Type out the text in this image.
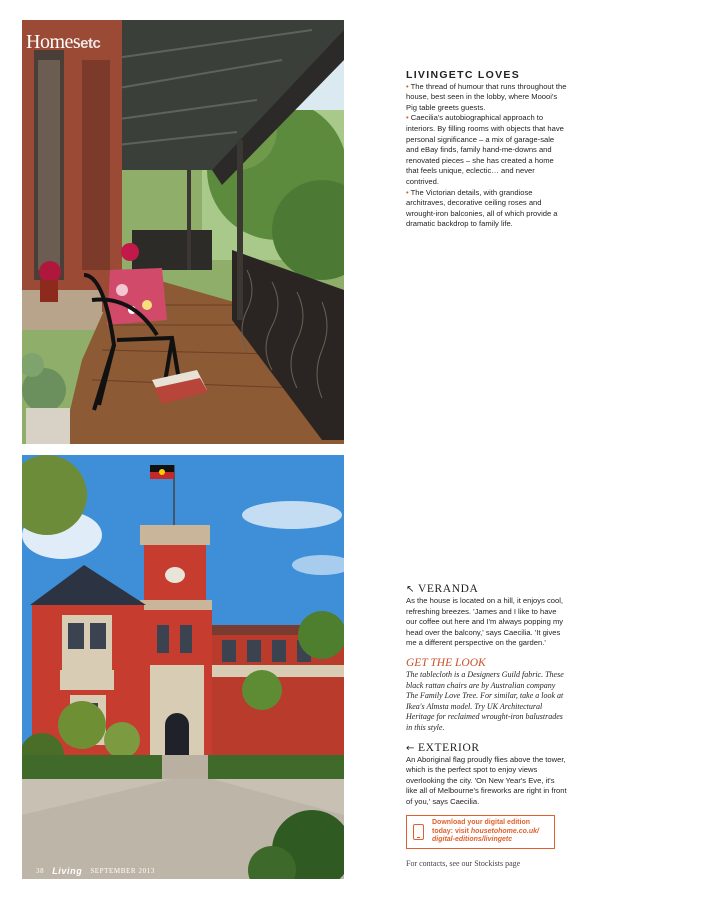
Homesetc
38 Living SEPTEMBER 2013
LIVINGETC LOVES

• The thread of humour that runs throughout the house, best seen in the lobby, where Moooi's Pig table greets guests.

• Caecilia's autobiographical approach to interiors. By filling rooms with objects that have personal significance – a mix of garage-sale and eBay finds, family hand-me-downs and renovated pieces – she has created a home that feels unique, eclectic… and never contrived.

• The Victorian details, with grandiose architraves, decorative ceiling roses and wrought-iron balconies, all of which provide a dramatic backdrop to family life.

↖ VERANDA

As the house is located on a hill, it enjoys cool, refreshing breezes. 'James and I like to have our coffee out here and I'm always popping my head over the balcony,' says Caecilia. 'It gives me a different perspective on the garden.'

GET THE LOOK

The tablecloth is a Designers Guild fabric. These black rattan chairs are by Australian company The Family Love Tree. For similar, take a look at Ikea's Almsta model. Try UK Architectural Heritage for reclaimed wrought-iron balustrades in this style.

← EXTERIOR

An Aboriginal flag proudly flies above the tower, which is the perfect spot to enjoy views overlooking the city. 'On New Year's Eve, it's like all of Melbourne's fireworks are right in front of you,' says Caecilia.

Download your digital edition
today: visit housetohome.co.uk/
digital-editions/livingetc
For contacts, see our Stockists page
